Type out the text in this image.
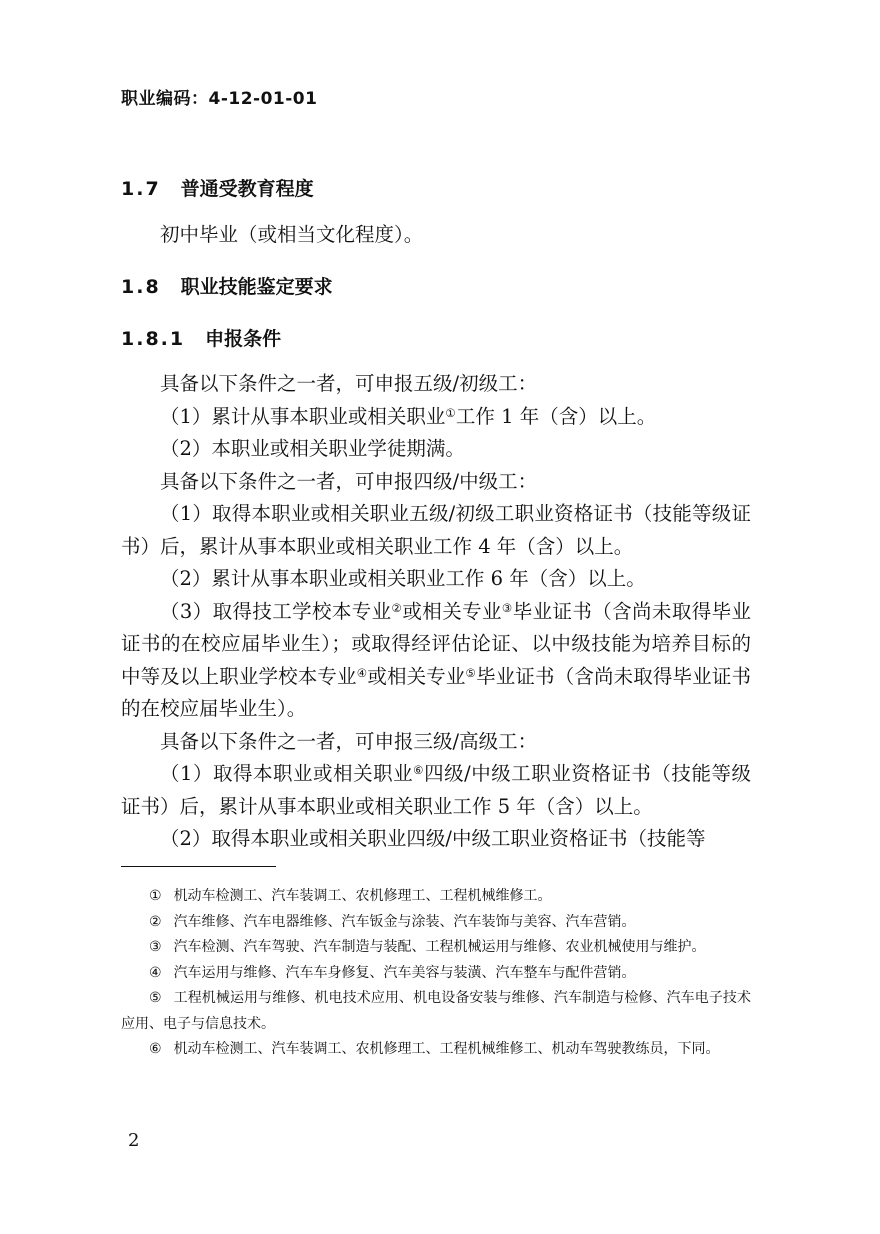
职业编码：4-12-01-01
1.7 普通受教育程度

初中毕业（或相当文化程度）。

1.8 职业技能鉴定要求
1.8.1 申报条件

具备以下条件之一者，可申报五级/初级工：

（1）累计从事本职业或相关职业①工作 1 年（含）以上。

（2）本职业或相关职业学徒期满。

具备以下条件之一者，可申报四级/中级工：

（1）取得本职业或相关职业五级/初级工职业资格证书（技能等级证书）后，累计从事本职业或相关职业工作 4 年（含）以上。

（2）累计从事本职业或相关职业工作 6 年（含）以上。

（3）取得技工学校本专业②或相关专业③毕业证书（含尚未取得毕业证书的在校应届毕业生）；或取得经评估论证、以中级技能为培养目标的中等及以上职业学校本专业④或相关专业⑤毕业证书（含尚未取得毕业证书的在校应届毕业生）。

具备以下条件之一者，可申报三级/高级工：

（1）取得本职业或相关职业⑥四级/中级工职业资格证书（技能等级证书）后，累计从事本职业或相关职业工作 5 年（含）以上。

（2）取得本职业或相关职业四级/中级工职业资格证书（技能等

① 机动车检测工、汽车装调工、农机修理工、工程机械维修工。

② 汽车维修、汽车电器维修、汽车钣金与涂装、汽车装饰与美容、汽车营销。

③ 汽车检测、汽车驾驶、汽车制造与装配、工程机械运用与维修、农业机械使用与维护。

④ 汽车运用与维修、汽车车身修复、汽车美容与装潢、汽车整车与配件营销。

⑤ 工程机械运用与维修、机电技术应用、机电设备安装与维修、汽车制造与检修、汽车电子技术应用、电子与信息技术。

⑥ 机动车检测工、汽车装调工、农机修理工、工程机械维修工、机动车驾驶教练员，下同。

2
